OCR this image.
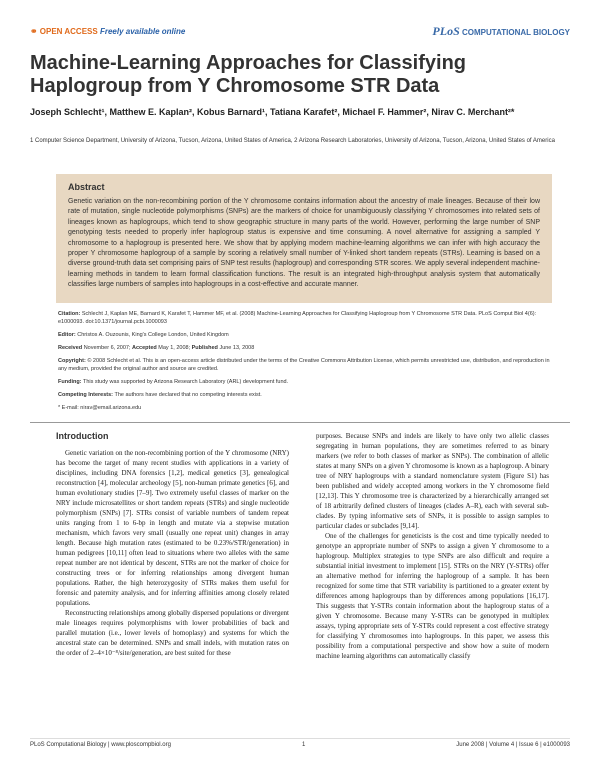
⚭ OPEN ACCESS Freely available online	PLoS COMPUTATIONAL BIOLOGY
Machine-Learning Approaches for Classifying Haplogroup from Y Chromosome STR Data
Joseph Schlecht¹, Matthew E. Kaplan², Kobus Barnard¹, Tatiana Karafet², Michael F. Hammer², Nirav C. Merchant²*
1 Computer Science Department, University of Arizona, Tucson, Arizona, United States of America, 2 Arizona Research Laboratories, University of Arizona, Tucson, Arizona, United States of America
Abstract
Genetic variation on the non-recombining portion of the Y chromosome contains information about the ancestry of male lineages. Because of their low rate of mutation, single nucleotide polymorphisms (SNPs) are the markers of choice for unambiguously classifying Y chromosomes into related sets of lineages known as haplogroups, which tend to show geographic structure in many parts of the world. However, performing the large number of SNP genotyping tests needed to properly infer haplogroup status is expensive and time consuming. A novel alternative for assigning a sampled Y chromosome to a haplogroup is presented here. We show that by applying modern machine-learning algorithms we can infer with high accuracy the proper Y chromosome haplogroup of a sample by scoring a relatively small number of Y-linked short tandem repeats (STRs). Learning is based on a diverse ground-truth data set comprising pairs of SNP test results (haplogroup) and corresponding STR scores. We apply several independent machine-learning methods in tandem to learn formal classification functions. The result is an integrated high-throughput analysis system that automatically classifies large numbers of samples into haplogroups in a cost-effective and accurate manner.

Citation: Schlecht J, Kaplan ME, Barnard K, Karafet T, Hammer MF, et al. (2008) Machine-Learning Approaches for Classifying Haplogroup from Y Chromosome STR Data. PLoS Comput Biol 4(6): e1000093. doi:10.1371/journal.pcbi.1000093

Editor: Christos A. Ouzounis, King's College London, United Kingdom

Received November 6, 2007; Accepted May 1, 2008; Published June 13, 2008

Copyright: © 2008 Schlecht et al. This is an open-access article distributed under the terms of the Creative Commons Attribution License, which permits unrestricted use, distribution, and reproduction in any medium, provided the original author and source are credited.

Funding: This study was supported by Arizona Research Laboratory (ARL) development fund.

Competing Interests: The authors have declared that no competing interests exist.

* E-mail: nirav@email.arizona.edu

Introduction

Genetic variation on the non-recombining portion of the Y chromosome (NRY) has become the target of many recent studies with applications in a variety of disciplines, including DNA forensics [1,2], medical genetics [3], genealogical reconstruction [4], molecular archeology [5], non-human primate genetics [6], and human evolutionary studies [7–9]. Two extremely useful classes of marker on the NRY include microsatellites or short tandem repeats (STRs) and single nucleotide polymorphism (SNPs) [7]. STRs consist of variable numbers of tandem repeat units ranging from 1 to 6-bp in length and mutate via a stepwise mutation mechanism, which favors very small (usually one repeat unit) changes in array length. Because high mutation rates (estimated to be 0.23%/STR/generation) in human pedigrees [10,11] often lead to situations where two alleles with the same repeat number are not identical by descent, STRs are not the marker of choice for constructing trees or for inferring relationships among divergent human populations. Rather, the high heterozygosity of STRs makes them useful for forensic and paternity analysis, and for inferring affinities among closely related populations.

Reconstructing relationships among globally dispersed populations or divergent male lineages requires polymorphisms with lower probabilities of back and parallel mutation (i.e., lower levels of homoplasy) and systems for which the ancestral state can be determined. SNPs and small indels, with mutation rates on the order of 2–4×10⁻⁸/site/generation, are best suited for these

purposes. Because SNPs and indels are likely to have only two allelic classes segregating in human populations, they are sometimes referred to as binary markers (we refer to both classes of marker as SNPs). The combination of allelic states at many SNPs on a given Y chromosome is known as a haplogroup. A binary tree of NRY haplogroups with a standard nomenclature system (Figure S1) has been published and widely accepted among workers in the Y chromosome field [12,13]. This Y chromosome tree is characterized by a hierarchically arranged set of 18 arbitrarily defined clusters of lineages (clades A–R), each with several sub-clades. By typing informative sets of SNPs, it is possible to assign samples to particular clades or subclades [9,14].

One of the challenges for geneticists is the cost and time typically needed to genotype an appropriate number of SNPs to assign a given Y chromosome to a haplogroup. Multiplex strategies to type SNPs are also difficult and require a substantial initial investment to implement [15]. STRs on the NRY (Y-STRs) offer an alternative method for inferring the haplogroup of a sample. It has been recognized for some time that STR variability is partitioned to a greater extent by differences among haplogroups than by differences among populations [16,17]. This suggests that Y-STRs contain information about the haplogroup status of a given Y chromosome. Because many Y-STRs can be genotyped in multiplex assays, typing appropriate sets of Y-STRs could represent a cost effective strategy for classifying Y chromosomes into haplogroups. In this paper, we assess this possibility from a computational perspective and show how a suite of modern machine learning algorithms can automatically classify

PLoS Computational Biology | www.ploscompbiol.org	1	June 2008 | Volume 4 | Issue 6 | e1000093
